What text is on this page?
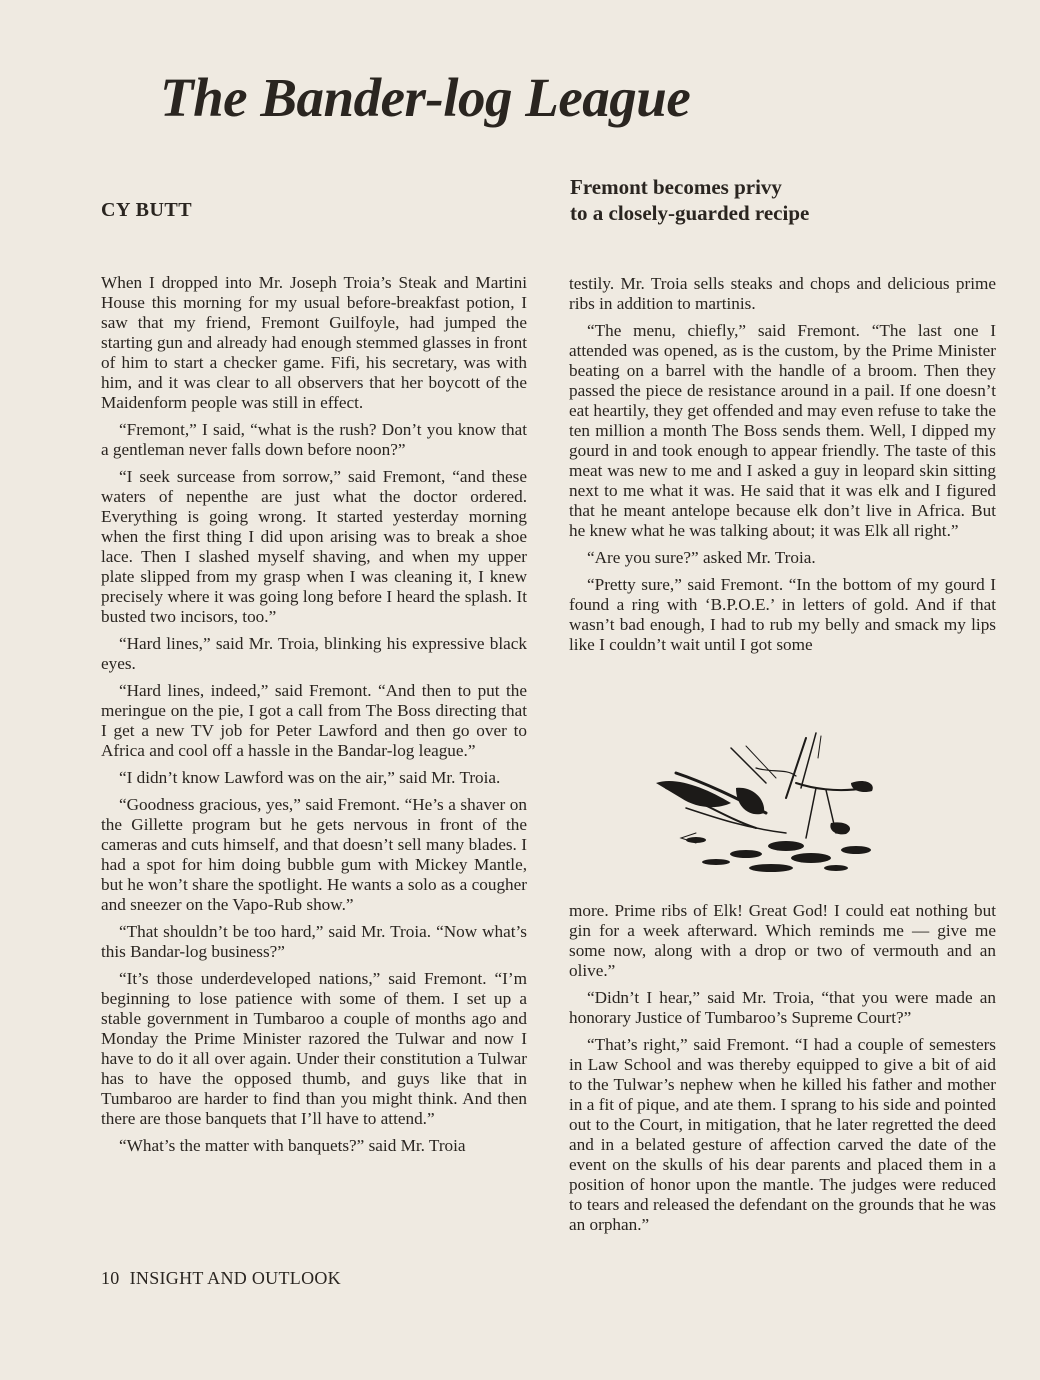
The Bander-log League
CY BUTT
Fremont becomes privy
to a closely-guarded recipe

When I dropped into Mr. Joseph Troia’s Steak and Martini House this morning for my usual before-breakfast potion, I saw that my friend, Fremont Guilfoyle, had jumped the starting gun and already had enough stemmed glasses in front of him to start a checker game. Fifi, his secretary, was with him, and it was clear to all observers that her boycott of the Maidenform people was still in effect.

“Fremont,” I said, “what is the rush? Don’t you know that a gentleman never falls down before noon?”

“I seek surcease from sorrow,” said Fremont, “and these waters of nepenthe are just what the doctor ordered. Everything is going wrong. It started yesterday morning when the first thing I did upon arising was to break a shoe lace. Then I slashed myself shaving, and when my upper plate slipped from my grasp when I was cleaning it, I knew precisely where it was going long before I heard the splash. It busted two incisors, too.”

“Hard lines,” said Mr. Troia, blinking his expressive black eyes.

“Hard lines, indeed,” said Fremont. “And then to put the meringue on the pie, I got a call from The Boss directing that I get a new TV job for Peter Lawford and then go over to Africa and cool off a hassle in the Bandar-log league.”

“I didn’t know Lawford was on the air,” said Mr. Troia.

“Goodness gracious, yes,” said Fremont. “He’s a shaver on the Gillette program but he gets nervous in front of the cameras and cuts himself, and that doesn’t sell many blades. I had a spot for him doing bubble gum with Mickey Mantle, but he won’t share the spotlight. He wants a solo as a cougher and sneezer on the Vapo-Rub show.”

“That shouldn’t be too hard,” said Mr. Troia. “Now what’s this Bandar-log business?”

“It’s those underdeveloped nations,” said Fremont. “I’m beginning to lose patience with some of them. I set up a stable government in Tumbaroo a couple of months ago and Monday the Prime Minister razored the Tulwar and now I have to do it all over again. Under their constitution a Tulwar has to have the opposed thumb, and guys like that in Tumbaroo are harder to find than you might think. And then there are those banquets that I’ll have to attend.”

“What’s the matter with banquets?” said Mr. Troia

testily. Mr. Troia sells steaks and chops and delicious prime ribs in addition to martinis.

“The menu, chiefly,” said Fremont. “The last one I attended was opened, as is the custom, by the Prime Minister beating on a barrel with the handle of a broom. Then they passed the piece de resistance around in a pail. If one doesn’t eat heartily, they get offended and may even refuse to take the ten million a month The Boss sends them. Well, I dipped my gourd in and took enough to appear friendly. The taste of this meat was new to me and I asked a guy in leopard skin sitting next to me what it was. He said that it was elk and I figured that he meant antelope because elk don’t live in Africa. But he knew what he was talking about; it was Elk all right.”

“Are you sure?” asked Mr. Troia.

“Pretty sure,” said Fremont. “In the bottom of my gourd I found a ring with ‘B.P.O.E.’ in letters of gold. And if that wasn’t bad enough, I had to rub my belly and smack my lips like I couldn’t wait until I got some

more. Prime ribs of Elk! Great God! I could eat nothing but gin for a week afterward. Which reminds me — give me some now, along with a drop or two of vermouth and an olive.”

“Didn’t I hear,” said Mr. Troia, “that you were made an honorary Justice of Tumbaroo’s Supreme Court?”

“That’s right,” said Fremont. “I had a couple of semesters in Law School and was thereby equipped to give a bit of aid to the Tulwar’s nephew when he killed his father and mother in a fit of pique, and ate them. I sprang to his side and pointed out to the Court, in mitigation, that he later regretted the deed and in a belated gesture of affection carved the date of the event on the skulls of his dear parents and placed them in a position of honor upon the mantle. The judges were reduced to tears and released the defendant on the grounds that he was an orphan.”

10 INSIGHT AND OUTLOOK
